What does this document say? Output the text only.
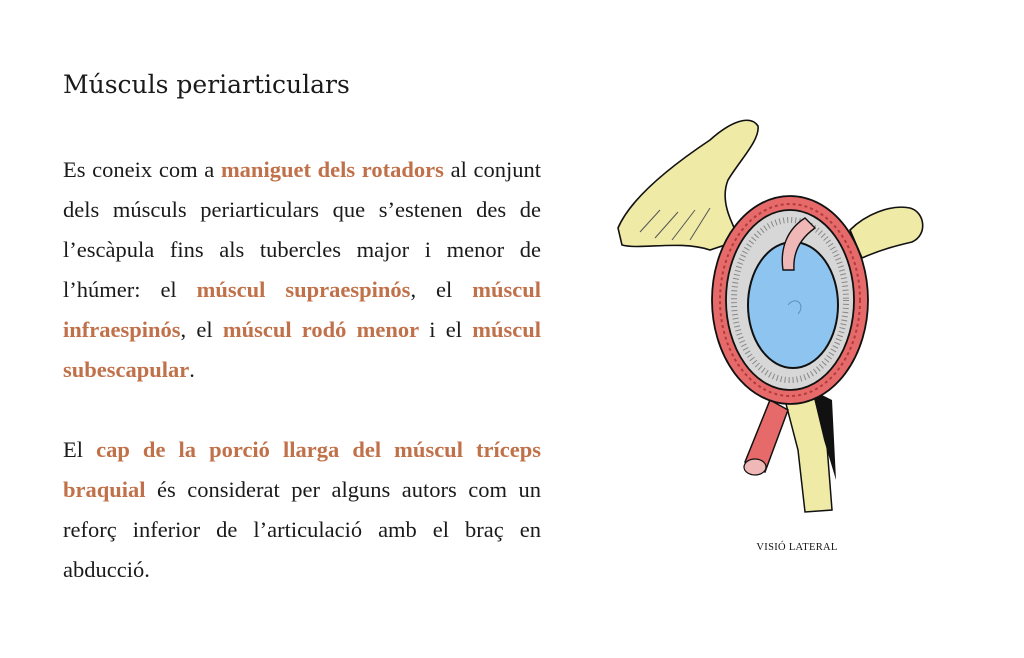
Músculs periarticulars

Es coneix com a maniguet dels rotadors al conjunt dels músculs periarticulars que s’estenen des de l’escàpula fins als tubercles major i menor de l’húmer: el múscul supraespinós, el múscul infraespinós, el múscul rodó menor i el múscul subescapular.

El cap de la porció llarga del múscul tríceps braquial és considerat per alguns autors com un reforç inferior de l’articulació amb el braç en abducció.

VISIÓ LATERAL
